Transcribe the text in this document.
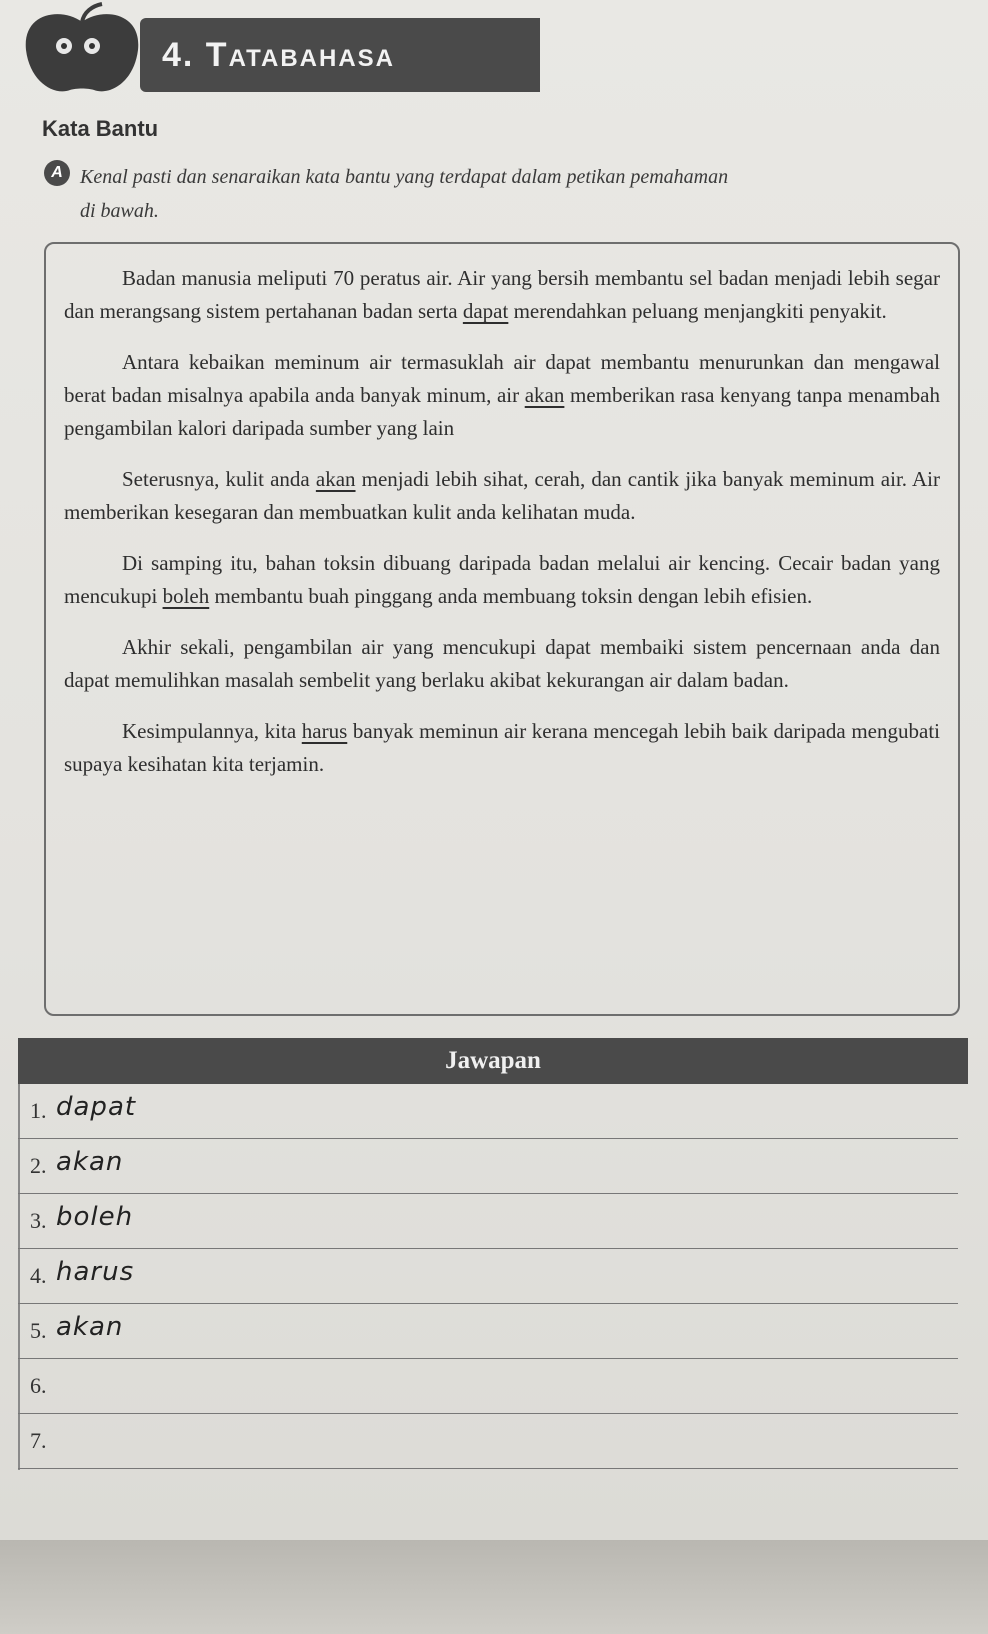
4. Tatabahasa
Kata Bantu
A Kenal pasti dan senaraikan kata bantu yang terdapat dalam petikan pemahaman
di bawah.

Badan manusia meliputi 70 peratus air. Air yang bersih membantu sel badan menjadi lebih segar dan merangsang sistem pertahanan badan serta dapat merendahkan peluang menjangkiti penyakit.

Antara kebaikan meminum air termasuklah air dapat membantu menurunkan dan mengawal berat badan misalnya apabila anda banyak minum, air akan memberikan rasa kenyang tanpa menambah pengambilan kalori daripada sumber yang lain

Seterusnya, kulit anda akan menjadi lebih sihat, cerah, dan cantik jika banyak meminum air. Air memberikan kesegaran dan membuatkan kulit anda kelihatan muda.

Di samping itu, bahan toksin dibuang daripada badan melalui air kencing. Cecair badan yang mencukupi boleh membantu buah pinggang anda membuang toksin dengan lebih efisien.

Akhir sekali, pengambilan air yang mencukupi dapat membaiki sistem pencernaan anda dan dapat memulihkan masalah sembelit yang berlaku akibat kekurangan air dalam badan.

Kesimpulannya, kita harus banyak meminun air kerana mencegah lebih baik daripada mengubati supaya kesihatan kita terjamin.

Jawapan
1. dapat
2. akan
3. boleh
4. harus
5. akan
6.
7.
